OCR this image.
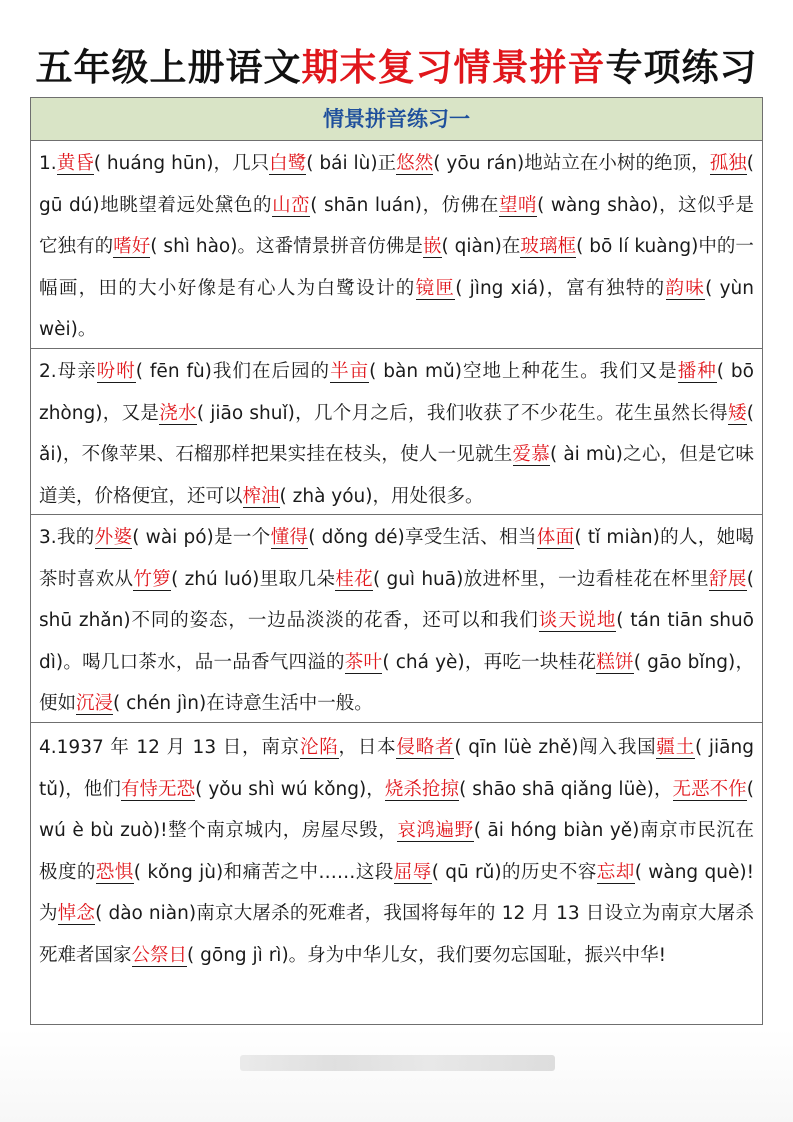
五年级上册语文期末复习情景拼音专项练习
情景拼音练习一
1.黄昏( huáng hūn)，几只白鹭( bái lù)正悠然( yōu rán)地站立在小树的绝顶，孤独( gū dú)地眺望着远处黛色的山峦( shān luán)，仿佛在望哨( wàng shào)，这似乎是它独有的嗜好( shì hào)。这番情景拼音仿佛是嵌( qiàn)在玻璃框( bō lí kuàng)中的一幅画，田的大小好像是有心人为白鹭设计的镜匣( jìng xiá)，富有独特的韵味( yùn wèi)。
2.母亲吩咐( fēn fù)我们在后园的半亩( bàn mǔ)空地上种花生。我们又是播种( bō zhòng)，又是浇水( jiāo shuǐ)，几个月之后，我们收获了不少花生。花生虽然长得矮( ǎi)，不像苹果、石榴那样把果实挂在枝头，使人一见就生爱慕( ài mù)之心，但是它味道美，价格便宜，还可以榨油( zhà yóu)，用处很多。
3.我的外婆( wài pó)是一个懂得( dǒng dé)享受生活、相当体面( tǐ miàn)的人，她喝茶时喜欢从竹箩( zhú luó)里取几朵桂花( guì huā)放进杯里，一边看桂花在杯里舒展( shū zhǎn)不同的姿态，一边品淡淡的花香，还可以和我们谈天说地( tán tiān shuō dì)。喝几口茶水，品一品香气四溢的茶叶( chá yè)，再吃一块桂花糕饼( gāo bǐng)，便如沉浸( chén jìn)在诗意生活中一般。
4.1937 年 12 月 13 日，南京沦陷，日本侵略者( qīn lüè zhě)闯入我国疆土( jiāng tǔ)，他们有恃无恐( yǒu shì wú kǒng)，烧杀抢掠( shāo shā qiǎng lüè)，无恶不作( wú è bù zuò)!整个南京城内，房屋尽毁，哀鸿遍野( āi hóng biàn yě)南京市民沉在极度的恐惧( kǒng jù)和痛苦之中……这段屈辱( qū rǔ)的历史不容忘却( wàng què)!为悼念( dào niàn)南京大屠杀的死难者，我国将每年的 12 月 13 日设立为南京大屠杀死难者国家公祭日( gōng jì rì)。身为中华儿女，我们要勿忘国耻，振兴中华!
